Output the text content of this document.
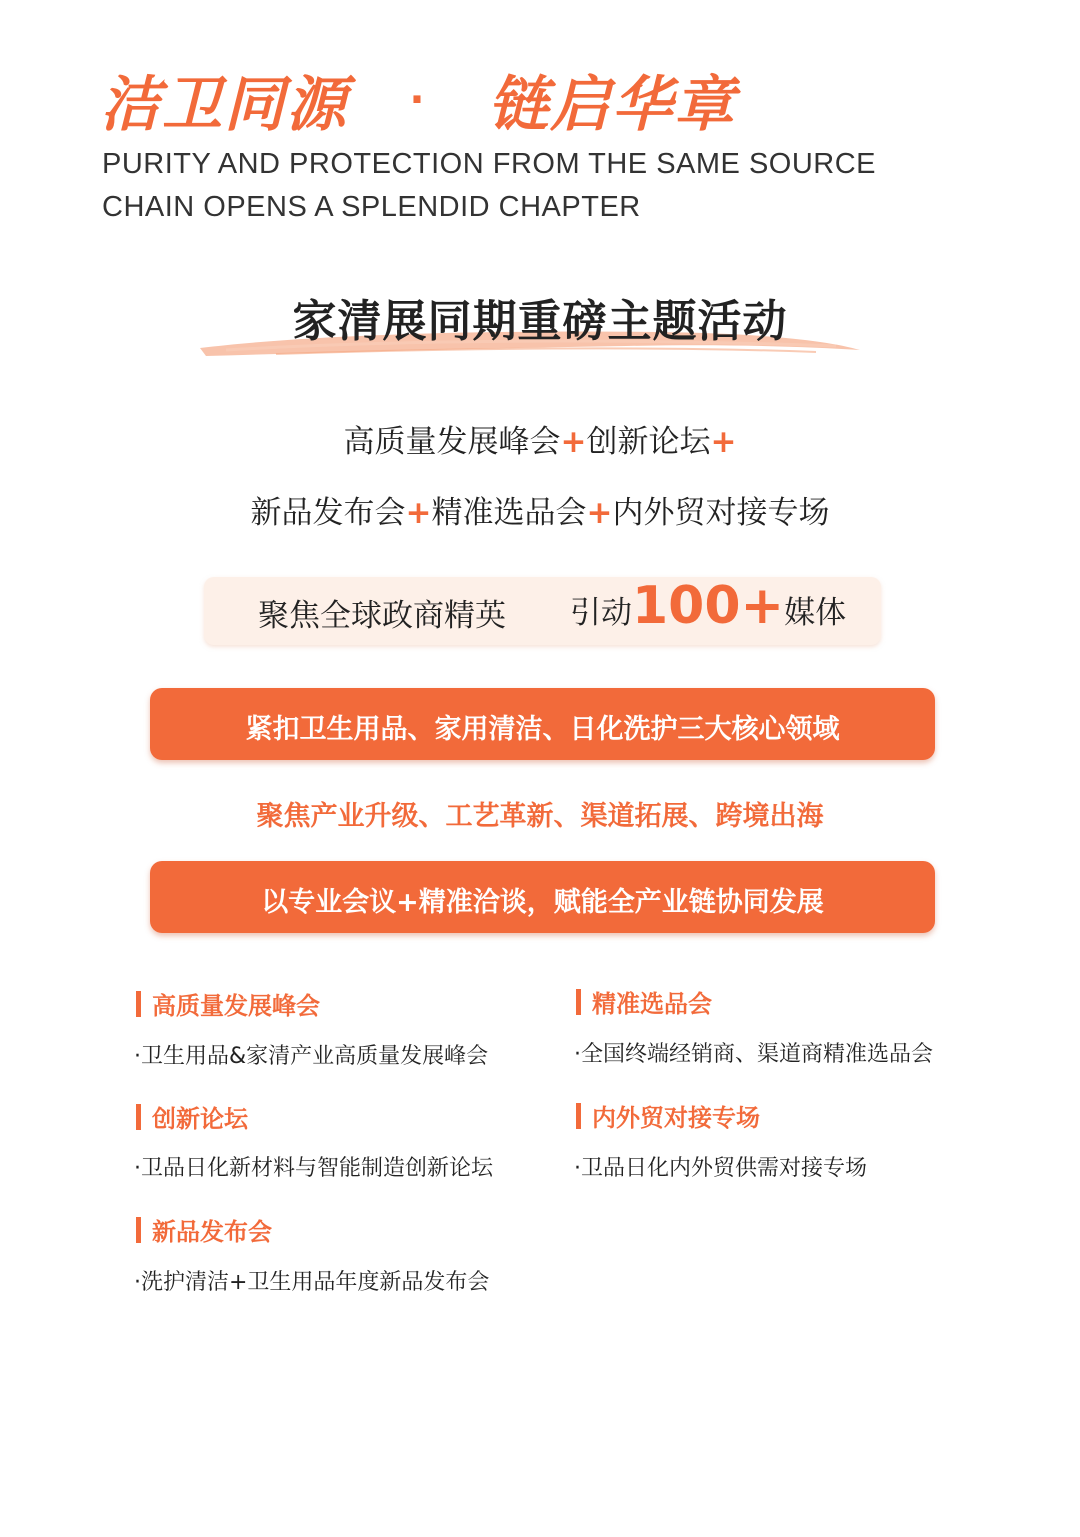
洁卫同源	·	链启华章
PURITY AND PROTECTION FROM THE SAME SOURCE
CHAIN OPENS A SPLENDID CHAPTER
家清展同期重磅主题活动
高质量发展峰会+创新论坛+
新品发布会+精准选品会+内外贸对接专场
聚焦全球政商精英 引动 100+ 媒体
紧扣卫生用品、家用清洁、日化洗护三大核心领域
聚焦产业升级、工艺革新、渠道拓展、跨境出海
以专业会议+精准洽谈，赋能全产业链协同发展
高质量发展峰会
·卫生用品&家清产业高质量发展峰会
创新论坛
·卫品日化新材料与智能制造创新论坛
新品发布会
·洗护清洁+卫生用品年度新品发布会
精准选品会
·全国终端经销商、渠道商精准选品会
内外贸对接专场
·卫品日化内外贸供需对接专场
